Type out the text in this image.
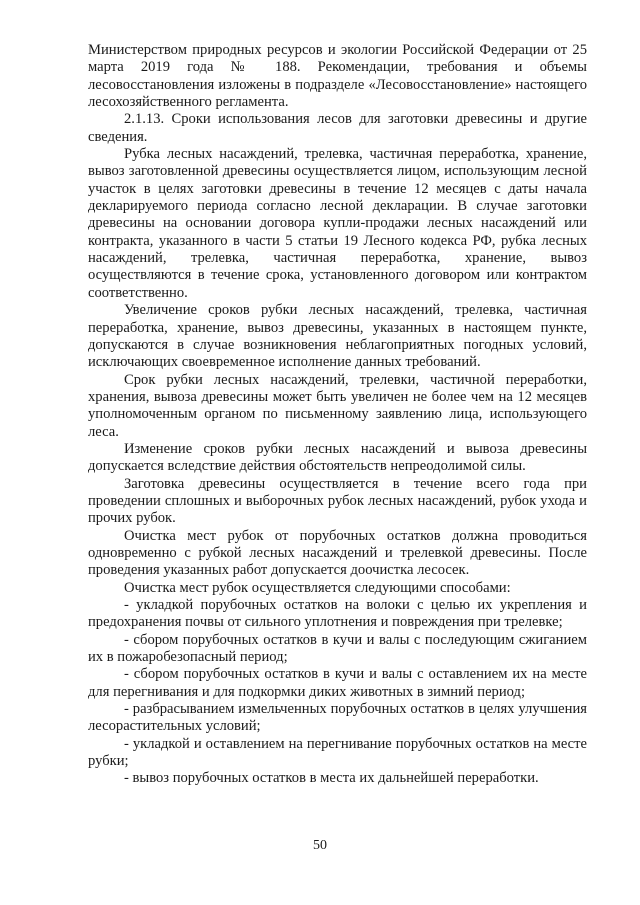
Министерством природных ресурсов и экологии Российской Федерации от 25 марта 2019 года № 188. Рекомендации, требования и объемы лесовосстановления изложены в подразделе «Лесовосстановление» настоящего лесохозяйственного регламента.

2.1.13. Сроки использования лесов для заготовки древесины и другие сведения.

Рубка лесных насаждений, трелевка, частичная переработка, хранение, вывоз заготовленной древесины осуществляется лицом, использующим лесной участок в целях заготовки древесины в течение 12 месяцев с даты начала декларируемого периода согласно лесной декларации. В случае заготовки древесины на основании договора купли-продажи лесных насаждений или контракта, указанного в части 5 статьи 19 Лесного кодекса РФ, рубка лесных насаждений, трелевка, частичная переработка, хранение, вывоз осуществляются в течение срока, установленного договором или контрактом соответственно.

Увеличение сроков рубки лесных насаждений, трелевка, частичная переработка, хранение, вывоз древесины, указанных в настоящем пункте, допускаются в случае возникновения неблагоприятных погодных условий, исключающих своевременное исполнение данных требований.

Срок рубки лесных насаждений, трелевки, частичной переработки, хранения, вывоза древесины может быть увеличен не более чем на 12 месяцев уполномоченным органом по письменному заявлению лица, использующего леса.

Изменение сроков рубки лесных насаждений и вывоза древесины допускается вследствие действия обстоятельств непреодолимой силы.

Заготовка древесины осуществляется в течение всего года при проведении сплошных и выборочных рубок лесных насаждений, рубок ухода и прочих рубок.

Очистка мест рубок от порубочных остатков должна проводиться одновременно с рубкой лесных насаждений и трелевкой древесины. После проведения указанных работ допускается доочистка лесосек.

Очистка мест рубок осуществляется следующими способами:

- укладкой порубочных остатков на волоки с целью их укрепления и предохранения почвы от сильного уплотнения и повреждения при трелевке;

- сбором порубочных остатков в кучи и валы с последующим сжиганием их в пожаробезопасный период;

- сбором порубочных остатков в кучи и валы с оставлением их на месте для перегнивания и для подкормки диких животных в зимний период;

- разбрасыванием измельченных порубочных остатков в целях улучшения лесорастительных условий;

- укладкой и оставлением на перегнивание порубочных остатков на месте рубки;

- вывоз порубочных остатков в места их дальнейшей переработки.

50
